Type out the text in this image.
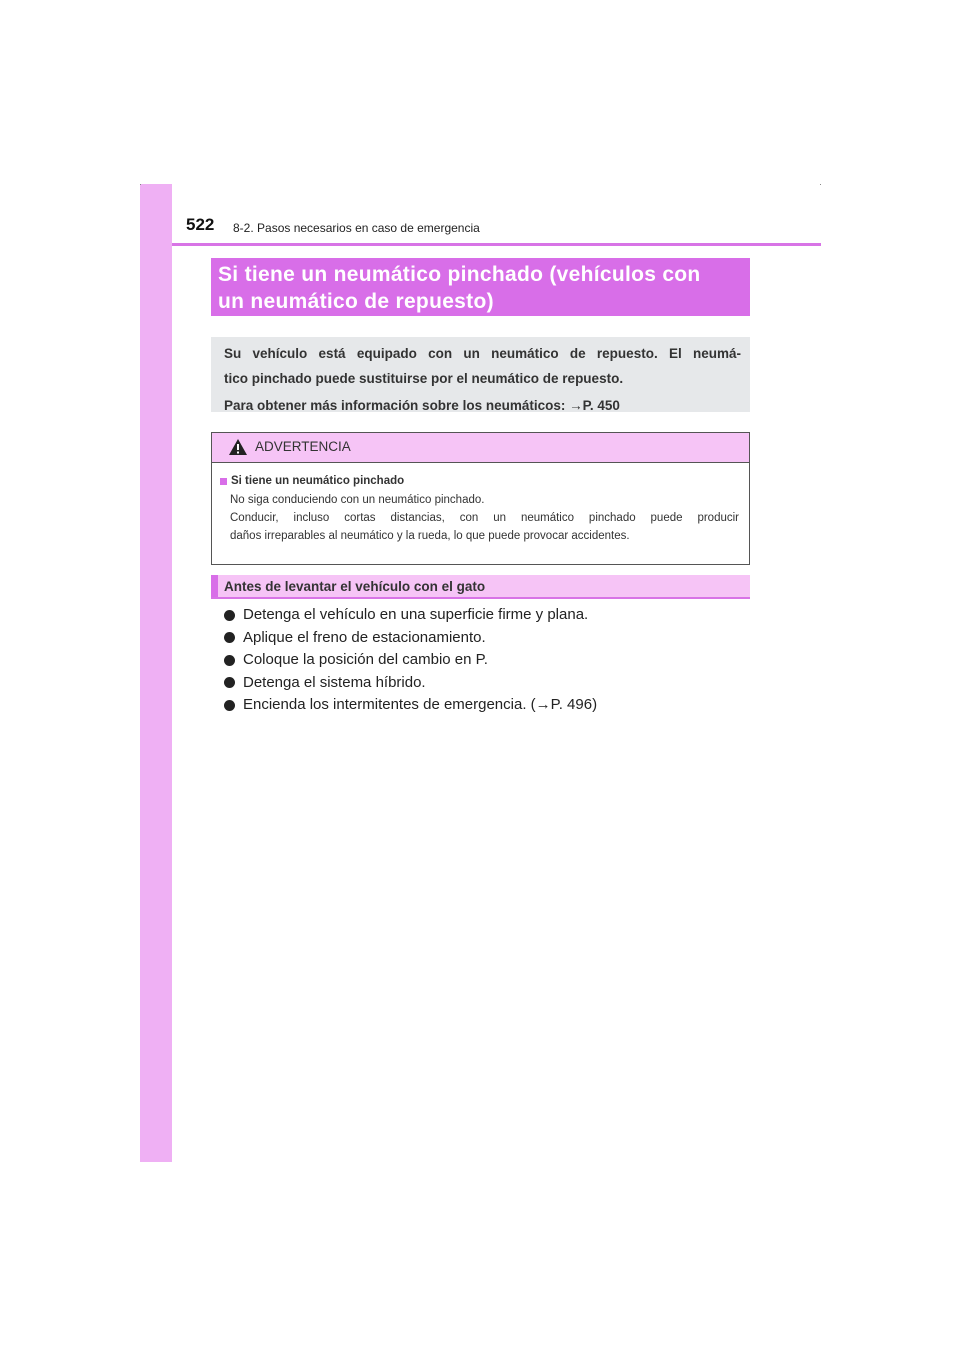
522 8-2. Pasos necesarios en caso de emergencia
Si tiene un neumático pinchado (vehículos con
un neumático de repuesto)

Su vehículo está equipado con un neumático de repuesto. El neumá-

tico pinchado puede sustituirse por el neumático de repuesto.

Para obtener más información sobre los neumáticos: →P. 450

ADVERTENCIA
Si tiene un neumático pinchado

No siga conduciendo con un neumático pinchado.

Conducir, incluso cortas distancias, con un neumático pinchado puede producir

daños irreparables al neumático y la rueda, lo que puede provocar accidentes.

Antes de levantar el vehículo con el gato
Detenga el vehículo en una superficie firme y plana.
Aplique el freno de estacionamiento.
Coloque la posición del cambio en P.
Detenga el sistema híbrido.
Encienda los intermitentes de emergencia. (→P. 496)
